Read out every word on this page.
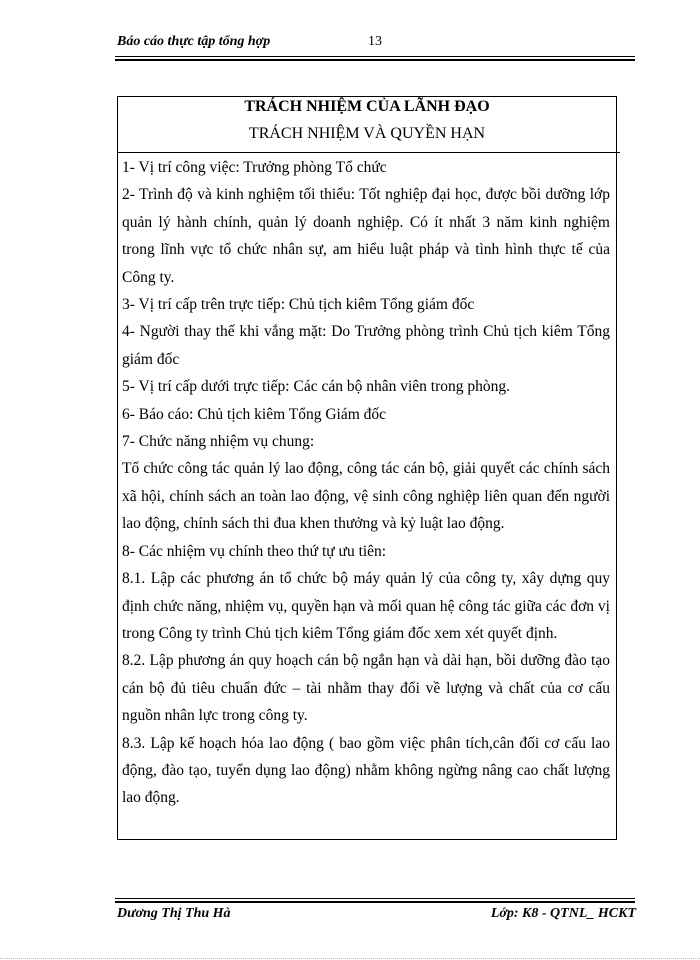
Báo cáo thực tập tổng hợp	13
TRÁCH NHIỆM CỦA LÃNH ĐẠO
TRÁCH NHIỆM VÀ QUYỀN HẠN

1- Vị trí công việc: Trưởng phòng Tổ chức

2- Trình độ và kinh nghiệm tối thiểu: Tốt nghiệp đại học, được bồi dưỡng lớp quản lý hành chính, quản lý doanh nghiệp. Có ít nhất 3 năm kinh nghiệm trong lĩnh vực tổ chức nhân sự, am hiểu luật pháp và tình hình thực tế của Công ty.

3- Vị trí cấp trên trực tiếp: Chủ tịch kiêm Tổng giám đốc

4- Người thay thế khi vắng mặt: Do Trưởng phòng trình Chủ tịch kiêm Tổng giám đốc

5- Vị trí cấp dưới trực tiếp: Các cán bộ nhân viên trong phòng.

6- Báo cáo: Chủ tịch kiêm Tổng Giám đốc

7- Chức năng nhiệm vụ chung:

Tổ chức công tác quản lý lao động, công tác cán bộ, giải quyết các chính sách xã hội, chính sách an toàn lao động, vệ sinh công nghiệp liên quan đến người lao động, chính sách thi đua khen thưởng và kỷ luật lao động.

8- Các nhiệm vụ chính theo thứ tự ưu tiên:

8.1. Lập các phương án tổ chức bộ máy quản lý của công ty, xây dựng quy định chức năng, nhiệm vụ, quyền hạn và mối quan hệ công tác giữa các đơn vị trong Công ty trình Chủ tịch kiêm Tổng giám đốc xem xét quyết định.

8.2. Lập phương án quy hoạch cán bộ ngắn hạn và dài hạn, bồi dưỡng đào tạo cán bộ đủ tiêu chuẩn đức – tài nhằm thay đổi về lượng và chất của cơ cấu nguồn nhân lực trong công ty.

8.3. Lập kế hoạch hóa lao động ( bao gồm việc phân tích,cân đối cơ cấu lao động, đào tạo, tuyển dụng lao động) nhằm không ngừng nâng cao chất lượng lao động.

Dương Thị Thu Hà	Lớp: K8 - QTNL_ HCKT
